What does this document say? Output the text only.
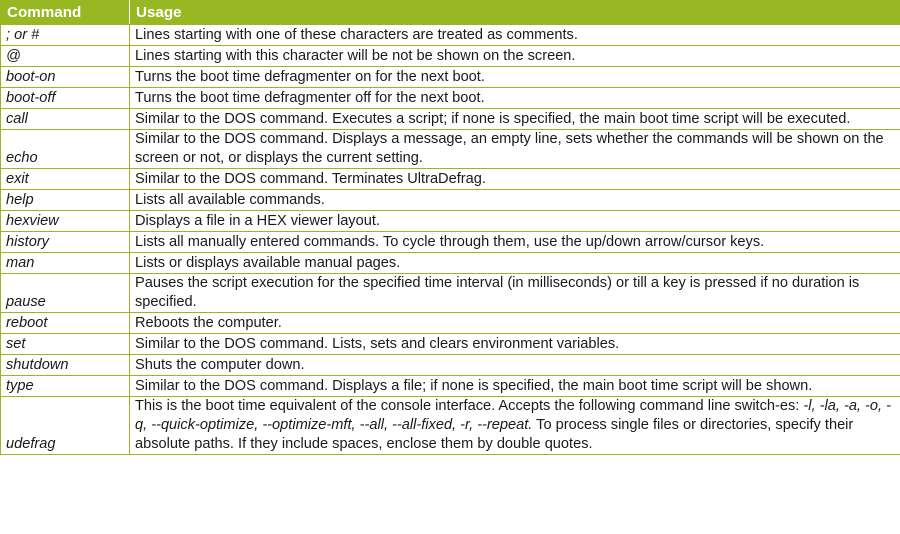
Command	Usage
; or #	Lines starting with one of these characters are treated as comments.
@	Lines starting with this character will be not be shown on the screen.
boot-on	Turns the boot time defragmenter on for the next boot.
boot-off	Turns the boot time defragmenter off for the next boot.
call	Similar to the DOS command. Executes a script; if none is specified, the main boot time script will be executed.
echo	Similar to the DOS command. Displays a message, an empty line, sets whether the commands will be shown on the screen or not, or displays the current setting.
exit	Similar to the DOS command. Terminates UltraDefrag.
help	Lists all available commands.
hexview	Displays a file in a HEX viewer layout.
history	Lists all manually entered commands. To cycle through them, use the up/down arrow/cursor keys.
man	Lists or displays available manual pages.
pause	Pauses the script execution for the specified time interval (in milliseconds) or till a key is pressed if no duration is specified.
reboot	Reboots the computer.
set	Similar to the DOS command. Lists, sets and clears environment variables.
shutdown	Shuts the computer down.
type	Similar to the DOS command. Displays a file; if none is specified, the main boot time script will be shown.
udefrag	This is the boot time equivalent of the console interface. Accepts the following command line switch-es: -l, -la, -a, -o, -q, --quick-optimize, --optimize-mft, --all, --all-fixed, -r, --repeat. To process single files or directories, specify their absolute paths. If they include spaces, enclose them by double quotes.
